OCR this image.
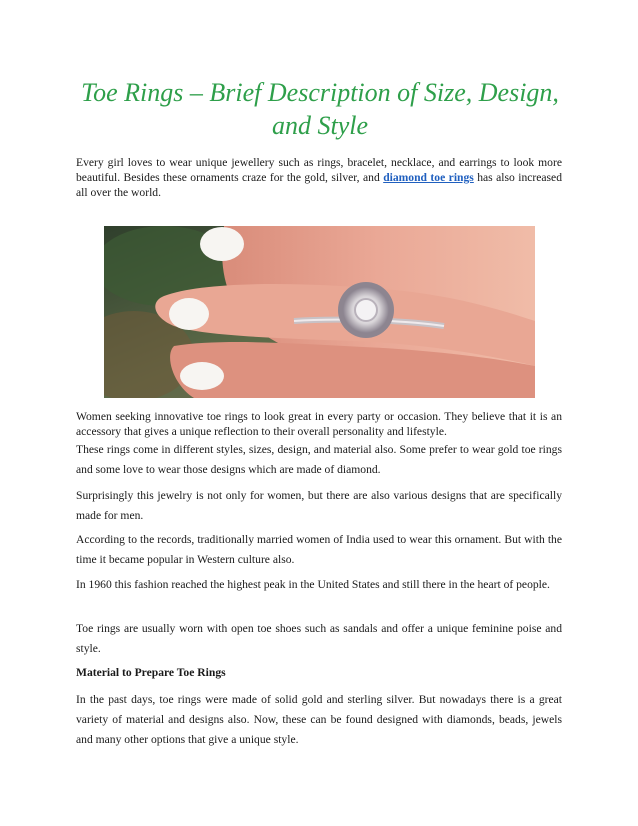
Toe Rings – Brief Description of Size, Design, and Style

Every girl loves to wear unique jewellery such as rings, bracelet, necklace, and earrings to look more beautiful. Besides these ornaments craze for the gold, silver, and diamond toe rings has also increased all over the world.

Women seeking innovative toe rings to look great in every party or occasion. They believe that it is an accessory that gives a unique reflection to their overall personality and lifestyle.

These rings come in different styles, sizes, design, and material also. Some prefer to wear gold toe rings and some love to wear those designs which are made of diamond.

Surprisingly this jewelry is not only for women, but there are also various designs that are specifically made for men.

According to the records, traditionally married women of India used to wear this ornament. But with the time it became popular in Western culture also.

In 1960 this fashion reached the highest peak in the United States and still there in the heart of people.

Toe rings are usually worn with open toe shoes such as sandals and offer a unique feminine poise and style.

Material to Prepare Toe Rings

In the past days, toe rings were made of solid gold and sterling silver. But nowadays there is a great variety of material and designs also. Now, these can be found designed with diamonds, beads, jewels and many other options that give a unique style.
